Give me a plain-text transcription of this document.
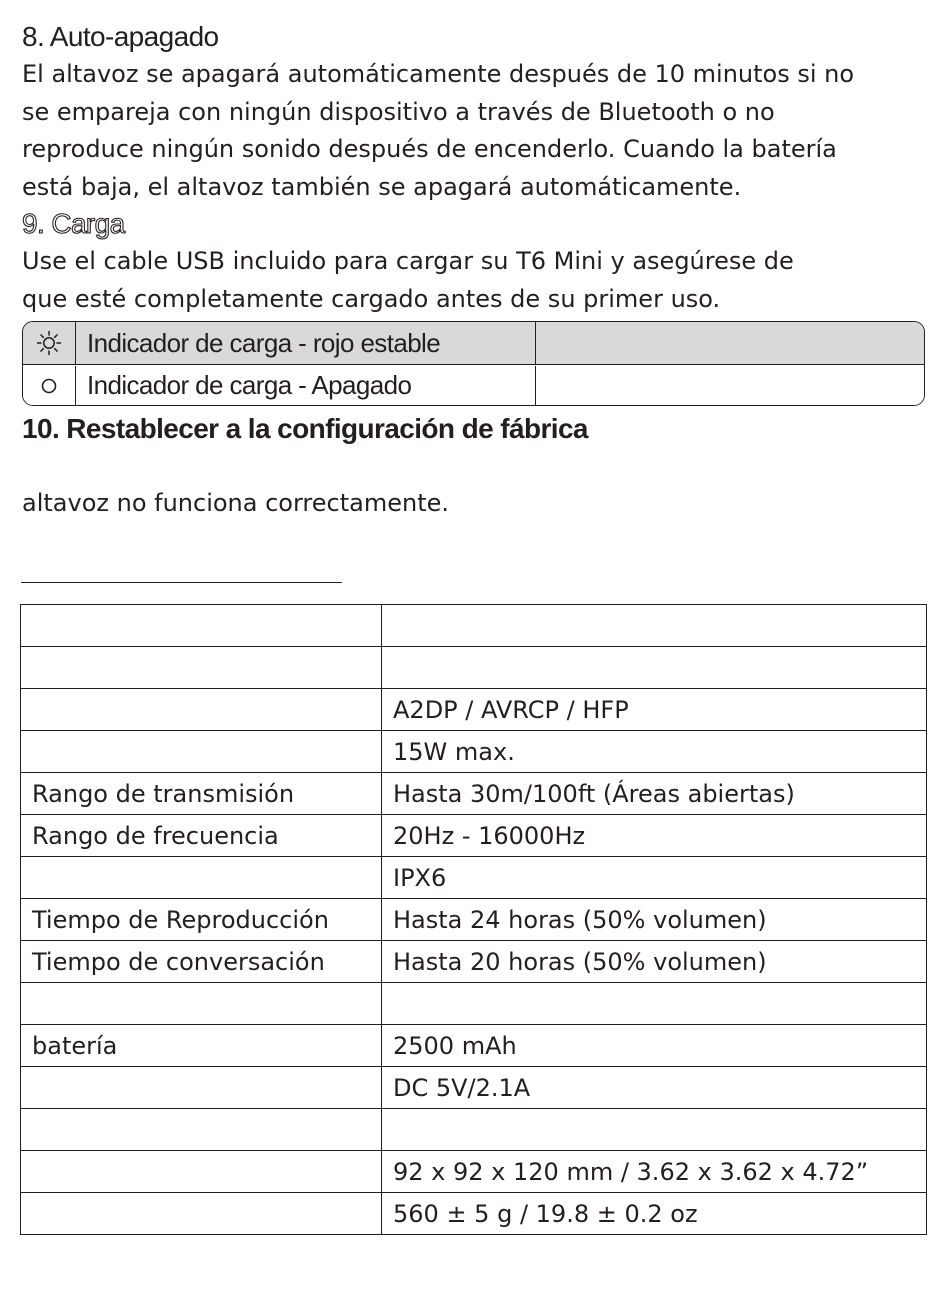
8. Auto-apagado

El altavoz se apagará automáticamente después de 10 minutos si no
se empareja con ningún dispositivo a través de Bluetooth o no
reproduce ningún sonido después de encenderlo. Cuando la batería
está baja, el altavoz también se apagará automáticamente.

9. Carga

Use el cable USB incluido para cargar su T6 Mini y asegúrese de
que esté completamente cargado antes de su primer uso.

Indicador de carga - rojo estable
Indicador de carga - Apagado
10. Restablecer a la configuración de fábrica

altavoz no funciona correctamente.

	A2DP / AVRCP / HFP
	15W max.
Rango de transmisión	Hasta 30m/100ft (Áreas abiertas)
Rango de frecuencia	20Hz - 16000Hz
	IPX6
Tiempo de Reproducción	Hasta 24 horas (50% volumen)
Tiempo de conversación	Hasta 20 horas (50% volumen)

batería	2500 mAh
	DC 5V/2.1A

	92 x 92 x 120 mm / 3.62 x 3.62 x 4.72”
	560 ± 5 g / 19.8 ± 0.2 oz
